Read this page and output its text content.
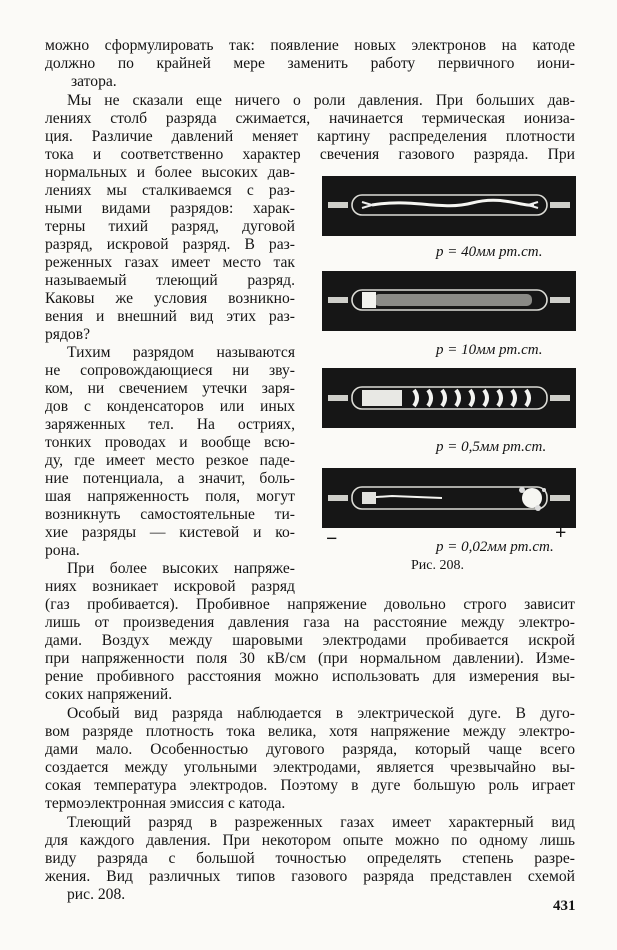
можно сформулировать так: появление новых электронов на катоде
должно по крайней мере заменить работу первичного иони-
затора.
Мы не сказали еще ничего о роли давления. При больших дав-
лениях столб разряда сжимается, начинается термическая иониза-
ция. Различие давлений меняет картину распределения плотности
тока и соответственно характер свечения газового разряда. При
нормальных и более высоких дав-
лениях мы сталкиваемся с раз-
ными видами разрядов: харак-
терны тихий разряд, дуговой
разряд, искровой разряд. В раз-
реженных газах имеет место так
называемый тлеющий разряд.
Каковы же условия возникно-
вения и внешний вид этих раз-
рядов?
Тихим разрядом называются
не сопровождающиеся ни зву-
ком, ни свечением утечки заря-
дов с конденсаторов или иных
заряженных тел. На остриях,
тонких проводах и вообще всю-
ду, где имеет место резкое паде-
ние потенциала, а значит, боль-
шая напряженность поля, могут
возникнуть самостоятельные ти-
хие разряды — кистевой и ко-
рона.
При более высоких напряже-
ниях возникает искровой разряд
(газ пробивается). Пробивное напряжение довольно строго зависит
лишь от произведения давления газа на расстояние между электро-
дами. Воздух между шаровыми электродами пробивается искрой
при напряженности поля 30 кВ/см (при нормальном давлении). Изме-
рение пробивного расстояния можно использовать для измерения вы-
соких напряжений.
Особый вид разряда наблюдается в электрической дуге. В дуго-
вом разряде плотность тока велика, хотя напряжение между электро-
дами мало. Особенностью дугового разряда, который чаще всего
создается между угольными электродами, является чрезвычайно вы-
сокая температура электродов. Поэтому в дуге большую роль играет
термоэлектронная эмиссия с катода.
Тлеющий разряд в разреженных газах имеет характерный вид
для каждого давления. При некотором опыте можно по одному лишь
виду разряда с большой точностью определять степень разре-
жения. Вид различных типов газового разряда представлен схемой
рис. 208.
p = 40мм рт.ст.
p = 10мм рт.ст.
p = 0,5мм рт.ст.
−	+
p = 0,02мм рт.ст.
Рис. 208.
431
